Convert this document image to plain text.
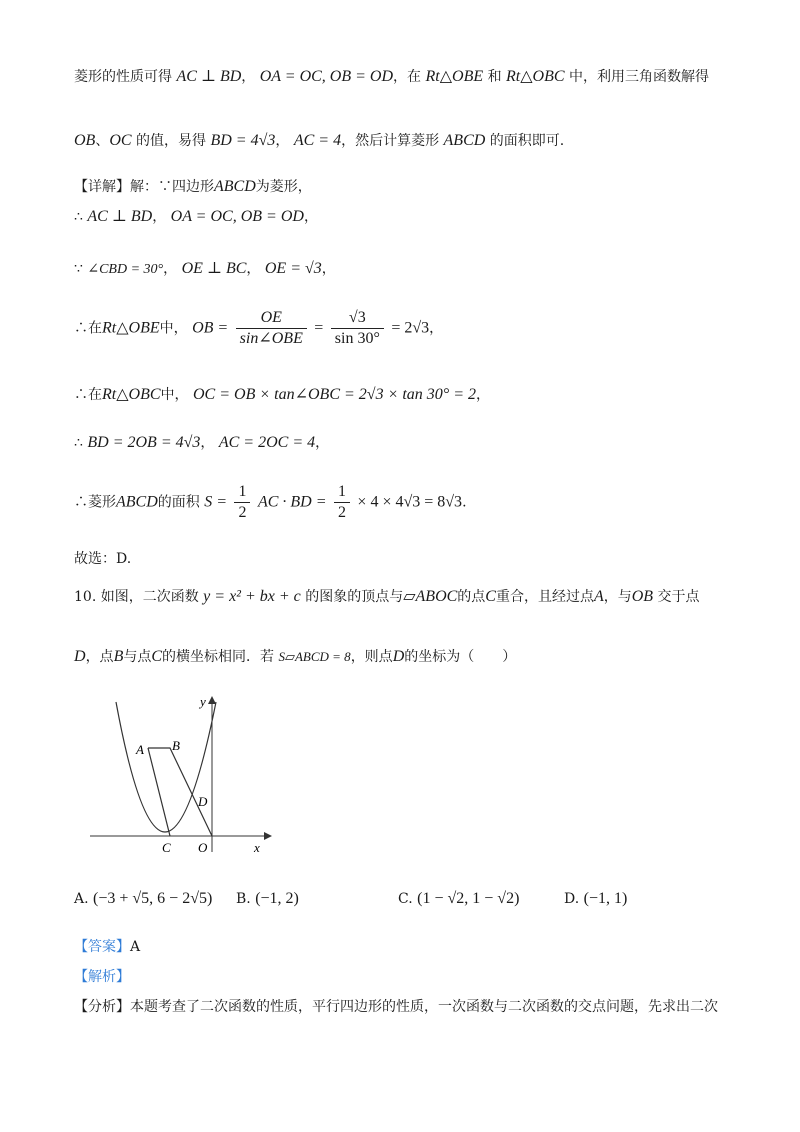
菱形的性质可得 AC ⊥ BD， OA = OC, OB = OD，在 Rt△OBE 和 Rt△OBC 中，利用三角函数解得
OB、OC 的值，易得 BD = 4√3， AC = 4，然后计算菱形 ABCD 的面积即可.
【详解】解：∵四边形ABCD为菱形，
∴ AC ⊥ BD， OA = OC, OB = OD，
∵ ∠CBD = 30°， OE ⊥ BC， OE = √3，
∴在Rt△OBE中， OB = $\frac{OE}{\text{sin∠OBE}} = \frac{√3}{\sin 30^\circ} = 2√3$，
∴在Rt△OBC中， OC = OB × tan∠OBC = 2√3 × tan 30° = 2，
∴ BD = 2OB = 4√3， AC = 2OC = 4，
∴菱形ABCD的面积 $S = \frac{1}{2}$ AC · BD = $\frac{1}{2} \times 4 \times 4√3 = 8√3$.
故选：D.
10. 如图，二次函数 y = x² + bx + c 的图象的顶点与▱ABOC的点C重合，且经过点A，与OB 交于点
D，点B与点C的横坐标相同．若 S▱ABCD = 8，则点D的坐标为（　　）
A B
C
D
O	x
y
A. (−3 + √5, 6 − 2√5) B. (−1, 2)	C. (1 − √2, 1 − √2)	D. (−1, 1)
【答案】A
【解析】
【分析】本题考查了二次函数的性质，平行四边形的性质，一次函数与二次函数的交点问题，先求出二次
